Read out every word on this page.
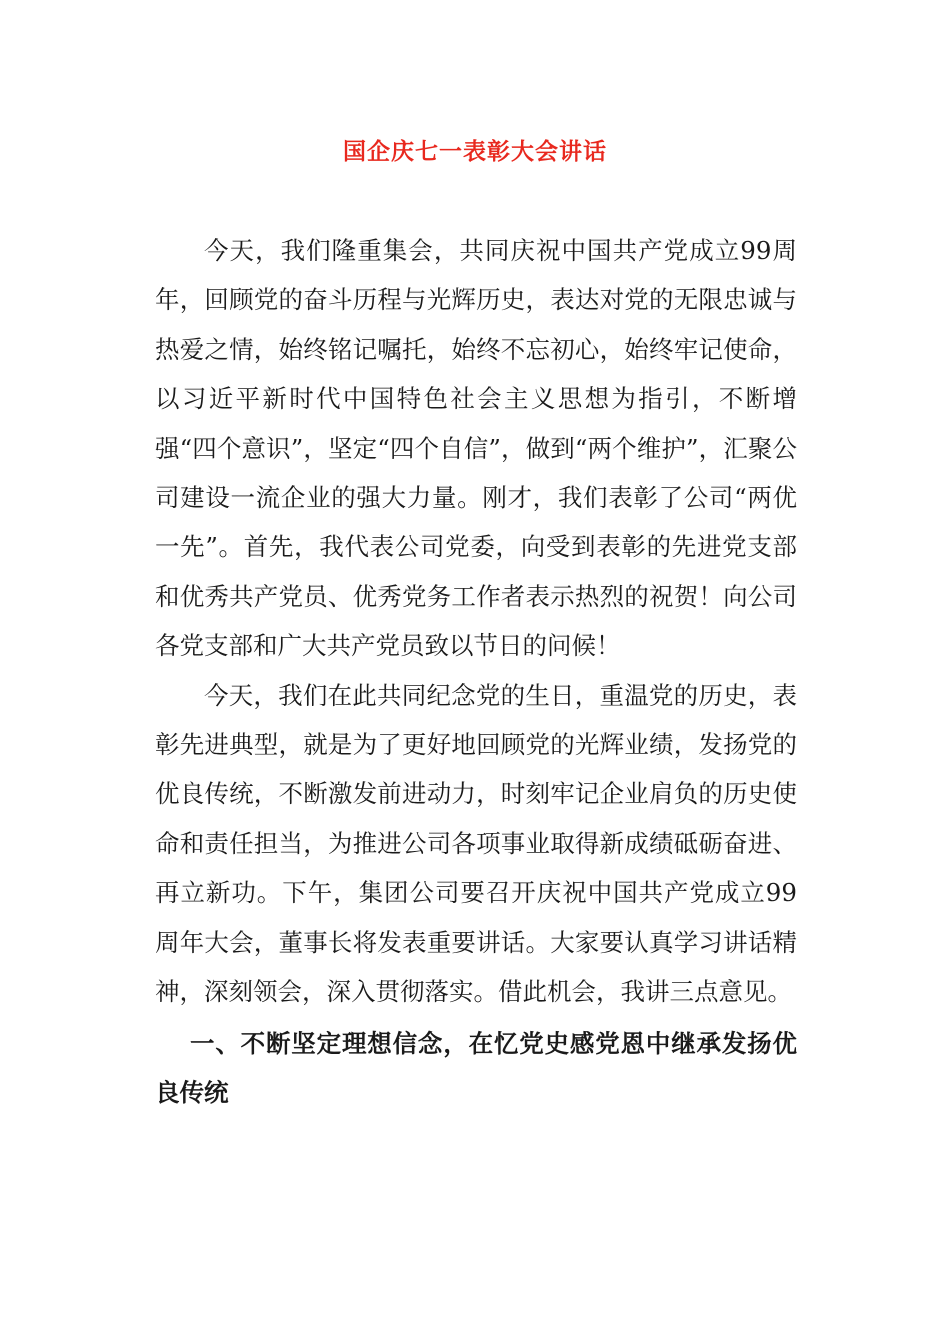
国企庆七一表彰大会讲话

今天，我们隆重集会，共同庆祝中国共产党成立99周年，回顾党的奋斗历程与光辉历史，表达对党的无限忠诚与热爱之情，始终铭记嘱托，始终不忘初心，始终牢记使命，以习近平新时代中国特色社会主义思想为指引，不断增强“四个意识”，坚定“四个自信”，做到“两个维护”，汇聚公司建设一流企业的强大力量。刚才，我们表彰了公司“两优一先”。首先，我代表公司党委，向受到表彰的先进党支部和优秀共产党员、优秀党务工作者表示热烈的祝贺！向公司各党支部和广大共产党员致以节日的问候！

今天，我们在此共同纪念党的生日，重温党的历史，表彰先进典型，就是为了更好地回顾党的光辉业绩，发扬党的优良传统，不断激发前进动力，时刻牢记企业肩负的历史使命和责任担当，为推进公司各项事业取得新成绩砥砺奋进、再立新功。下午，集团公司要召开庆祝中国共产党成立99周年大会，董事长将发表重要讲话。大家要认真学习讲话精神，深刻领会，深入贯彻落实。借此机会，我讲三点意见。

一、不断坚定理想信念，在忆党史感党恩中继承发扬优良传统
